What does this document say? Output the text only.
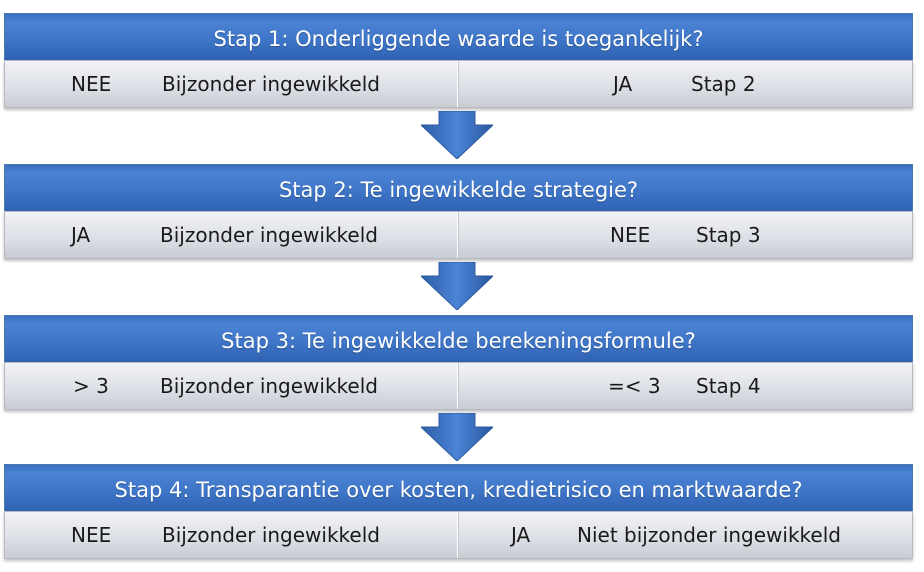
Stap 1: Onderliggende waarde is toegankelijk?
NEE	Bijzonder ingewikkeld	JA	Stap 2
Stap 2: Te ingewikkelde strategie?
JA	Bijzonder ingewikkeld	NEE Stap 3
Stap 3: Te ingewikkelde berekeningsformule?
> 3	Bijzonder ingewikkeld	=< 3 Stap 4
Stap 4: Transparantie over kosten, kredietrisico en marktwaarde?
NEE	Bijzonder ingewikkeld	JA Niet bijzonder ingewikkeld
